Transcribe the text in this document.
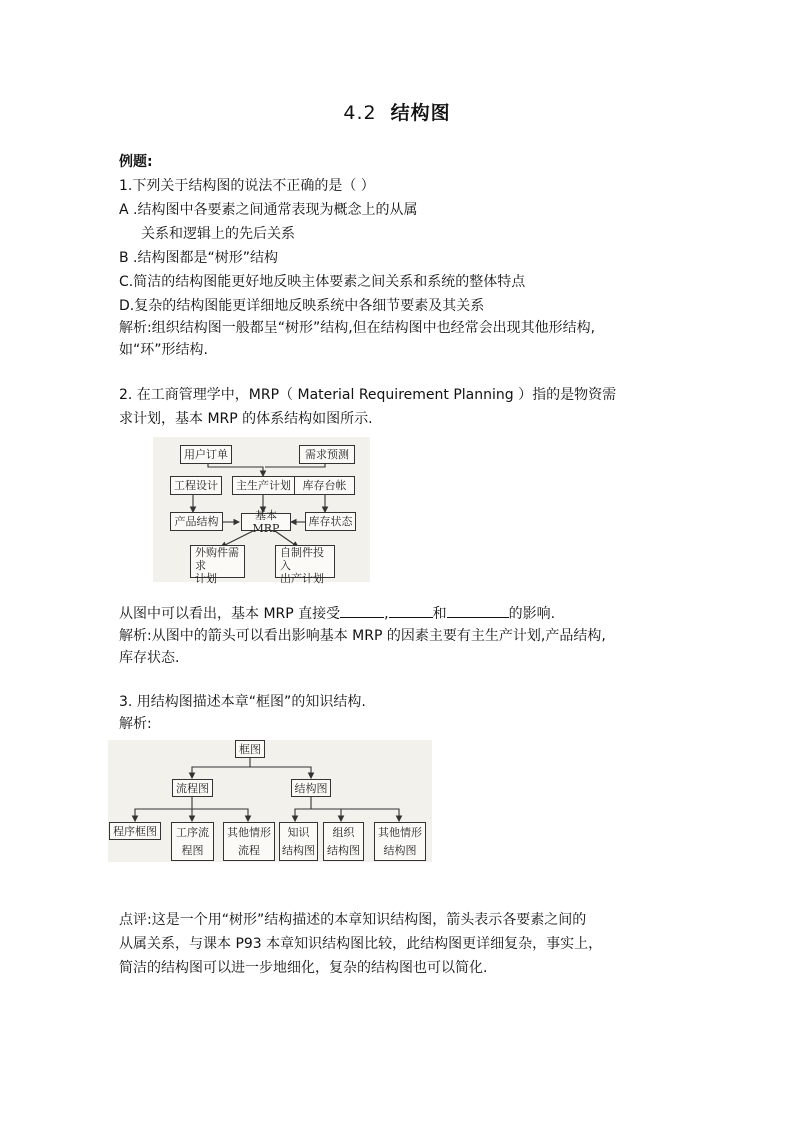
4.2 结构图
例题:
1.下列关于结构图的说法不正确的是（ ）
A .结构图中各要素之间通常表现为概念上的从属
关系和逻辑上的先后关系
B .结构图都是“树形”结构
C.简洁的结构图能更好地反映主体要素之间关系和系统的整体特点
D.复杂的结构图能更详细地反映系统中各细节要素及其关系
解析:组织结构图一般都呈“树形”结构,但在结构图中也经常会出现其他形结构,
如“环”形结构.
2. 在工商管理学中，MRP（ Material Requirement Planning ）指的是物资需
求计划，基本 MRP 的体系结构如图所示.
用户订单	需求预测
工程设计	主生产计划	库存台帐
产品结构	基本MRP
库存状态
外购件需求
计划
自制件投入
出产计划
从图中可以看出，基本 MRP 直接受	,	和	的影响.
解析:从图中的箭头可以看出影响基本 MRP 的因素主要有主生产计划,产品结构,
库存状态.
3. 用结构图描述本章“框图”的知识结构.
解析:
框图
流程图	结构图
程序框图	工序流
程图
其他情形
流程
知识
结构图
组织
结构图
其他情形
结构图
点评:这是一个用“树形”结构描述的本章知识结构图，箭头表示各要素之间的
从属关系，与课本 P93 本章知识结构图比较，此结构图更详细复杂，事实上，
简洁的结构图可以进一步地细化，复杂的结构图也可以简化.
